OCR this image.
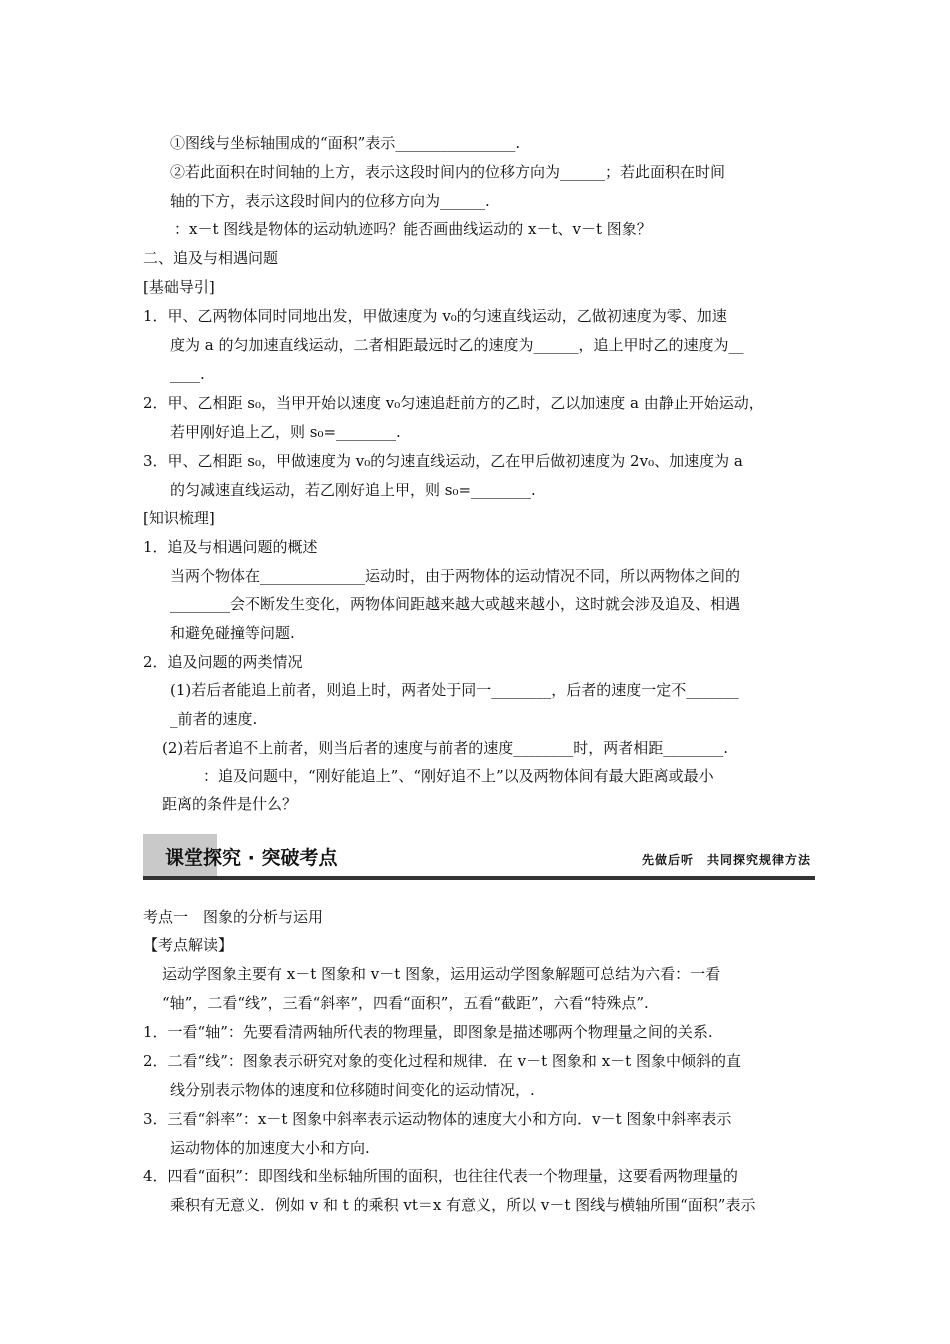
①图线与坐标轴围成的“面积”表示________________.
②若此面积在时间轴的上方，表示这段时间内的位移方向为______；若此面积在时间
轴的下方，表示这段时间内的位移方向为______.
：x－t 图线是物体的运动轨迹吗？能否画曲线运动的 x－t、v－t 图象？
二、追及与相遇问题
[基础导引]
1．甲、乙两物体同时同地出发，甲做速度为 v₀的匀速直线运动，乙做初速度为零、加速
度为 a 的匀加速直线运动，二者相距最远时乙的速度为______，追上甲时乙的速度为__
____.
2．甲、乙相距 s₀，当甲开始以速度 v₀匀速追赶前方的乙时，乙以加速度 a 由静止开始运动，
若甲刚好追上乙，则 s₀=________.
3．甲、乙相距 s₀，甲做速度为 v₀的匀速直线运动，乙在甲后做初速度为 2v₀、加速度为 a
的匀减速直线运动，若乙刚好追上甲，则 s₀=________.
[知识梳理]
1．追及与相遇问题的概述
当两个物体在______________运动时，由于两物体的运动情况不同，所以两物体之间的
________会不断发生变化，两物体间距越来越大或越来越小，这时就会涉及追及、相遇
和避免碰撞等问题.
2．追及问题的两类情况
(1)若后者能追上前者，则追上时，两者处于同一________，后者的速度一定不_______
_前者的速度.
(2)若后者追不上前者，则当后者的速度与前者的速度________时，两者相距________.
：追及问题中，“刚好能追上”、“刚好追不上”以及两物体间有最大距离或最小
距离的条件是什么？
考点一　图象的分析与运用
【考点解读】
运动学图象主要有 x－t 图象和 v－t 图象，运用运动学图象解题可总结为六看：一看
“轴”，二看“线”，三看“斜率”，四看“面积”，五看“截距”，六看“特殊点”.
1．一看“轴”：先要看清两轴所代表的物理量，即图象是描述哪两个物理量之间的关系.
2．二看“线”：图象表示研究对象的变化过程和规律．在 v－t 图象和 x－t 图象中倾斜的直
线分别表示物体的速度和位移随时间变化的运动情况，.
3．三看“斜率”：x－t 图象中斜率表示运动物体的速度大小和方向．v－t 图象中斜率表示
运动物体的加速度大小和方向.
4．四看“面积”：即图线和坐标轴所围的面积，也往往代表一个物理量，这要看两物理量的
乘积有无意义．例如 v 和 t 的乘积 vt＝x 有意义，所以 v－t 图线与横轴所围“面积”表示
课堂探究 · 突破考点	先做后听　共同探究规律方法
